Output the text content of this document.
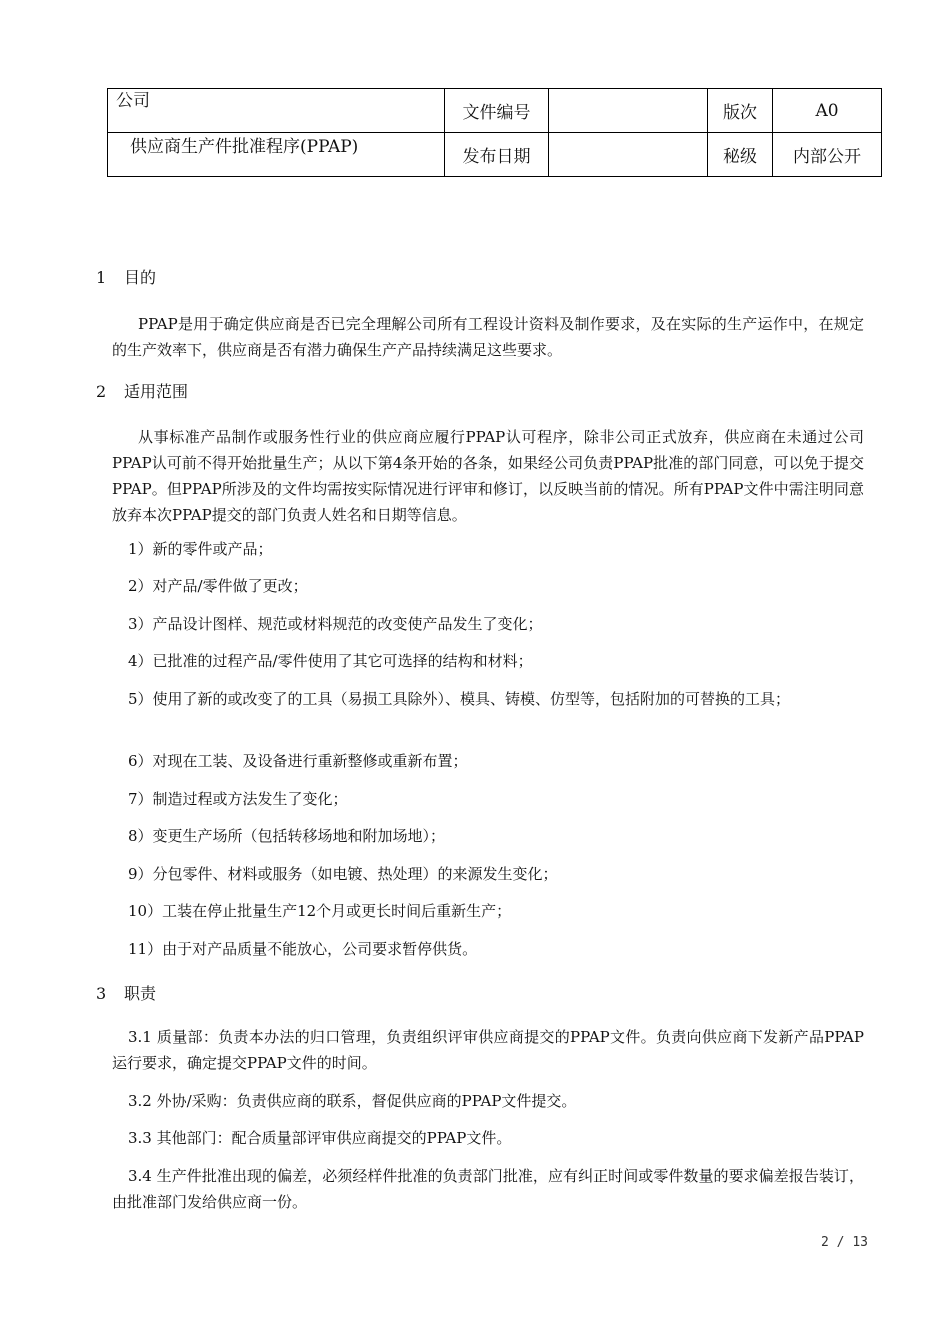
公司	文件编号		版次	A0
供应商生产件批准程序(PPAP)	发布日期		秘级	内部公开
1 目的
PPAP是用于确定供应商是否已完全理解公司所有工程设计资料及制作要求，及在实际的生产运作中，在规定的生产效率下，供应商是否有潜力确保生产产品持续满足这些要求。
2 适用范围
从事标准产品制作或服务性行业的供应商应履行PPAP认可程序，除非公司正式放弃，供应商在未通过公司PPAP认可前不得开始批量生产；从以下第4条开始的各条，如果经公司负责PPAP批准的部门同意，可以免于提交PPAP。但PPAP所涉及的文件均需按实际情况进行评审和修订，以反映当前的情况。所有PPAP文件中需注明同意放弃本次PPAP提交的部门负责人姓名和日期等信息。
1）新的零件或产品；
2）对产品/零件做了更改；
3）产品设计图样、规范或材料规范的改变使产品发生了变化；
4）已批准的过程产品/零件使用了其它可选择的结构和材料；
5）使用了新的或改变了的工具（易损工具除外）、模具、铸模、仿型等，包括附加的可替换的工具；
6）对现在工装、及设备进行重新整修或重新布置；
7）制造过程或方法发生了变化；
8）变更生产场所（包括转移场地和附加场地）；
9）分包零件、材料或服务（如电镀、热处理）的来源发生变化；
10）工装在停止批量生产12个月或更长时间后重新生产；
11）由于对产品质量不能放心，公司要求暂停供货。
3 职责
3.1 质量部：负责本办法的归口管理，负责组织评审供应商提交的PPAP文件。负责向供应商下发新产品PPAP运行要求，确定提交PPAP文件的时间。
3.2 外协/采购：负责供应商的联系，督促供应商的PPAP文件提交。
3.3 其他部门：配合质量部评审供应商提交的PPAP文件。
3.4 生产件批准出现的偏差，必须经样件批准的负责部门批准，应有纠正时间或零件数量的要求偏差报告装订，由批准部门发给供应商一份。
2 / 13
